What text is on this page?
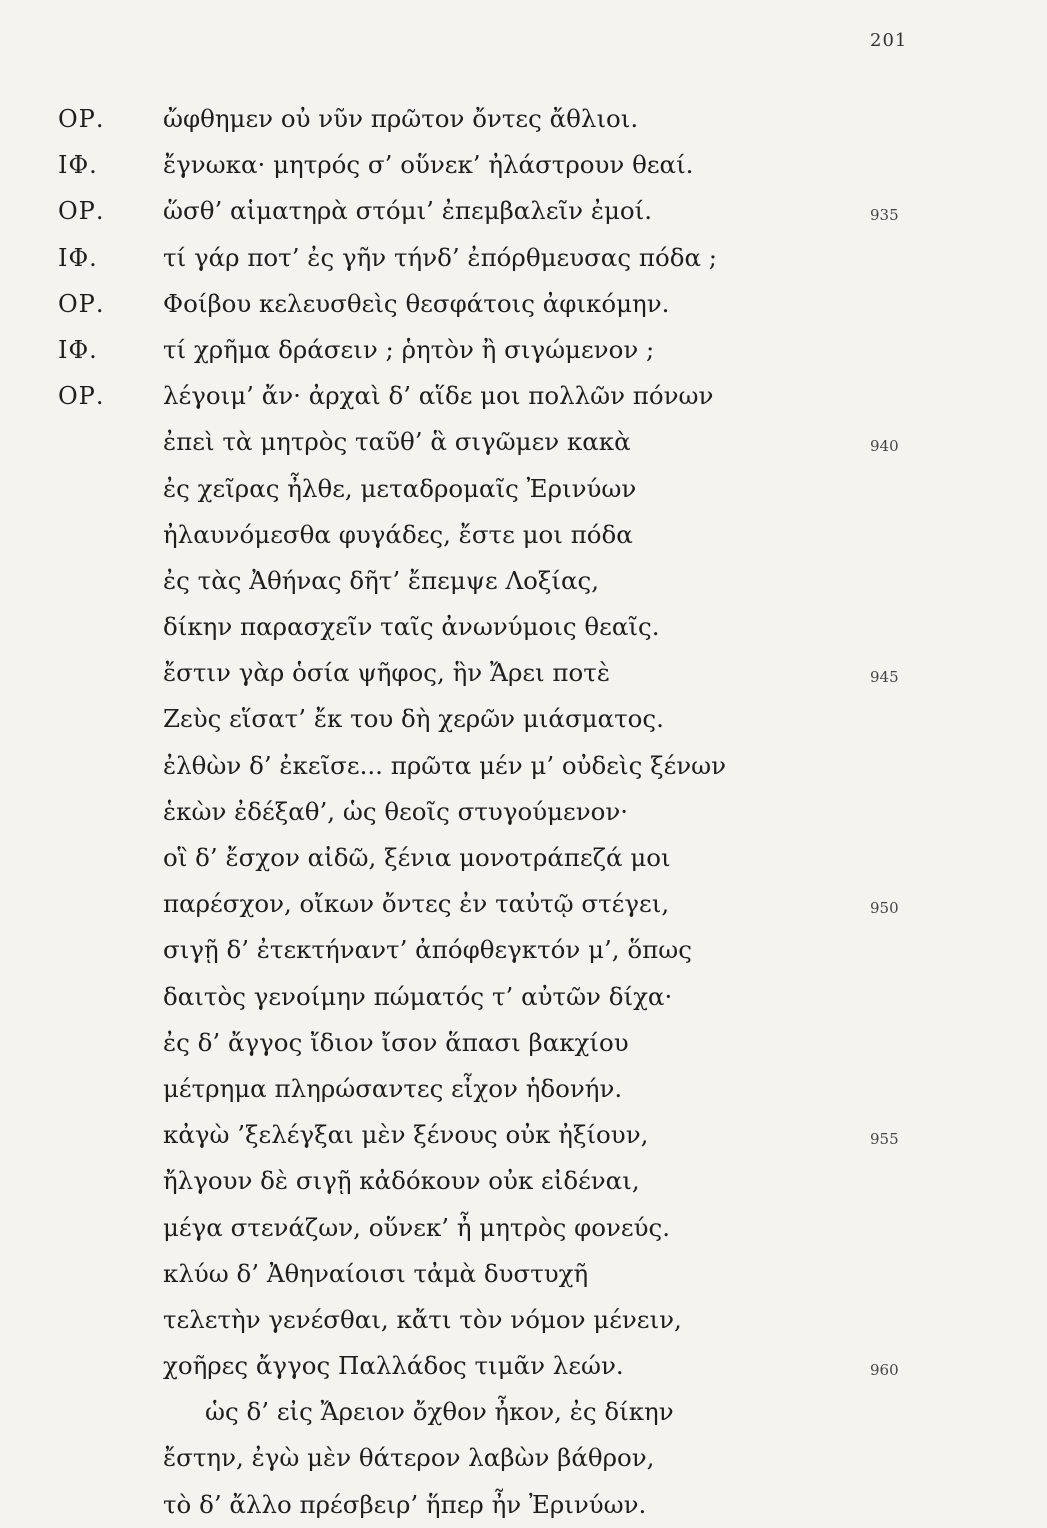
201
ΟΡ. ὤφθημεν οὐ νῦν πρῶτον ὄντες ἄθλιοι.
ΙΦ.	ἔγνωκα· μητρός σ’ οὕνεκ’ ἠλάστρουν θεαί.
ΟΡ. ὥσθ’ αἱματηρὰ στόμι’ ἐπεμβαλεῖν ἐμοί.	935
ΙΦ.	τί γάρ ποτ’ ἐς γῆν τήνδ’ ἐπόρθμευσας πόδα ;
ΟΡ. Φοίβου κελευσθεὶς θεσφάτοις ἀφικόμην.
ΙΦ.	τί χρῆμα δράσειν ; ῥητὸν ἢ σιγώμενον ;
ΟΡ. λέγοιμ’ ἄν· ἀρχαὶ δ’ αἵδε μοι πολλῶν πόνων
ἐπεὶ τὰ μητρὸς ταῦθ’ ἃ σιγῶμεν κακὰ	940
ἐς χεῖρας ἦλθε, μεταδρομαῖς Ἐρινύων
ἠλαυνόμεσθα φυγάδες, ἔστε μοι πόδα
ἐς τὰς Ἀθήνας δῆτ’ ἔπεμψε Λοξίας,
δίκην παρασχεῖν ταῖς ἀνωνύμοις θεαῖς.
ἔστιν γὰρ ὁσία ψῆφος, ἣν Ἄρει ποτὲ	945
Ζεὺς εἵσατ’ ἔκ του δὴ χερῶν μιάσματος.
ἐλθὼν δ’ ἐκεῖσε... πρῶτα μέν μ’ οὐδεὶς ξένων
ἑκὼν ἐδέξαθ’, ὡς θεοῖς στυγούμενον·
οἳ δ’ ἔσχον αἰδῶ, ξένια μονοτράπεζά μοι
παρέσχον, οἴκων ὄντες ἐν ταὐτῷ στέγει,	950
σιγῇ δ’ ἐτεκτήναντ’ ἀπόφθεγκτόν μ’, ὅπως
δαιτὸς γενοίμην πώματός τ’ αὐτῶν δίχα·
ἐς δ’ ἄγγος ἴδιον ἴσον ἅπασι βακχίου
μέτρημα πληρώσαντες εἶχον ἡδονήν.
κἀγὼ ’ξελέγξαι μὲν ξένους οὐκ ἠξίουν,	955
ἤλγουν δὲ σιγῇ κἀδόκουν οὐκ εἰδέναι,
μέγα στενάζων, οὕνεκ’ ἦ μητρὸς φονεύς.
κλύω δ’ Ἀθηναίοισι τἀμὰ δυστυχῆ
τελετὴν γενέσθαι, κἄτι τὸν νόμον μένειν,
χοῆρες ἄγγος Παλλάδος τιμᾶν λεών.	960
ὡς δ’ εἰς Ἄρειον ὄχθον ἦκον, ἐς δίκην
ἔστην, ἐγὼ μὲν θάτερον λαβὼν βάθρον,
τὸ δ’ ἄλλο πρέσβειρ’ ἥπερ ἦν Ἐρινύων.
